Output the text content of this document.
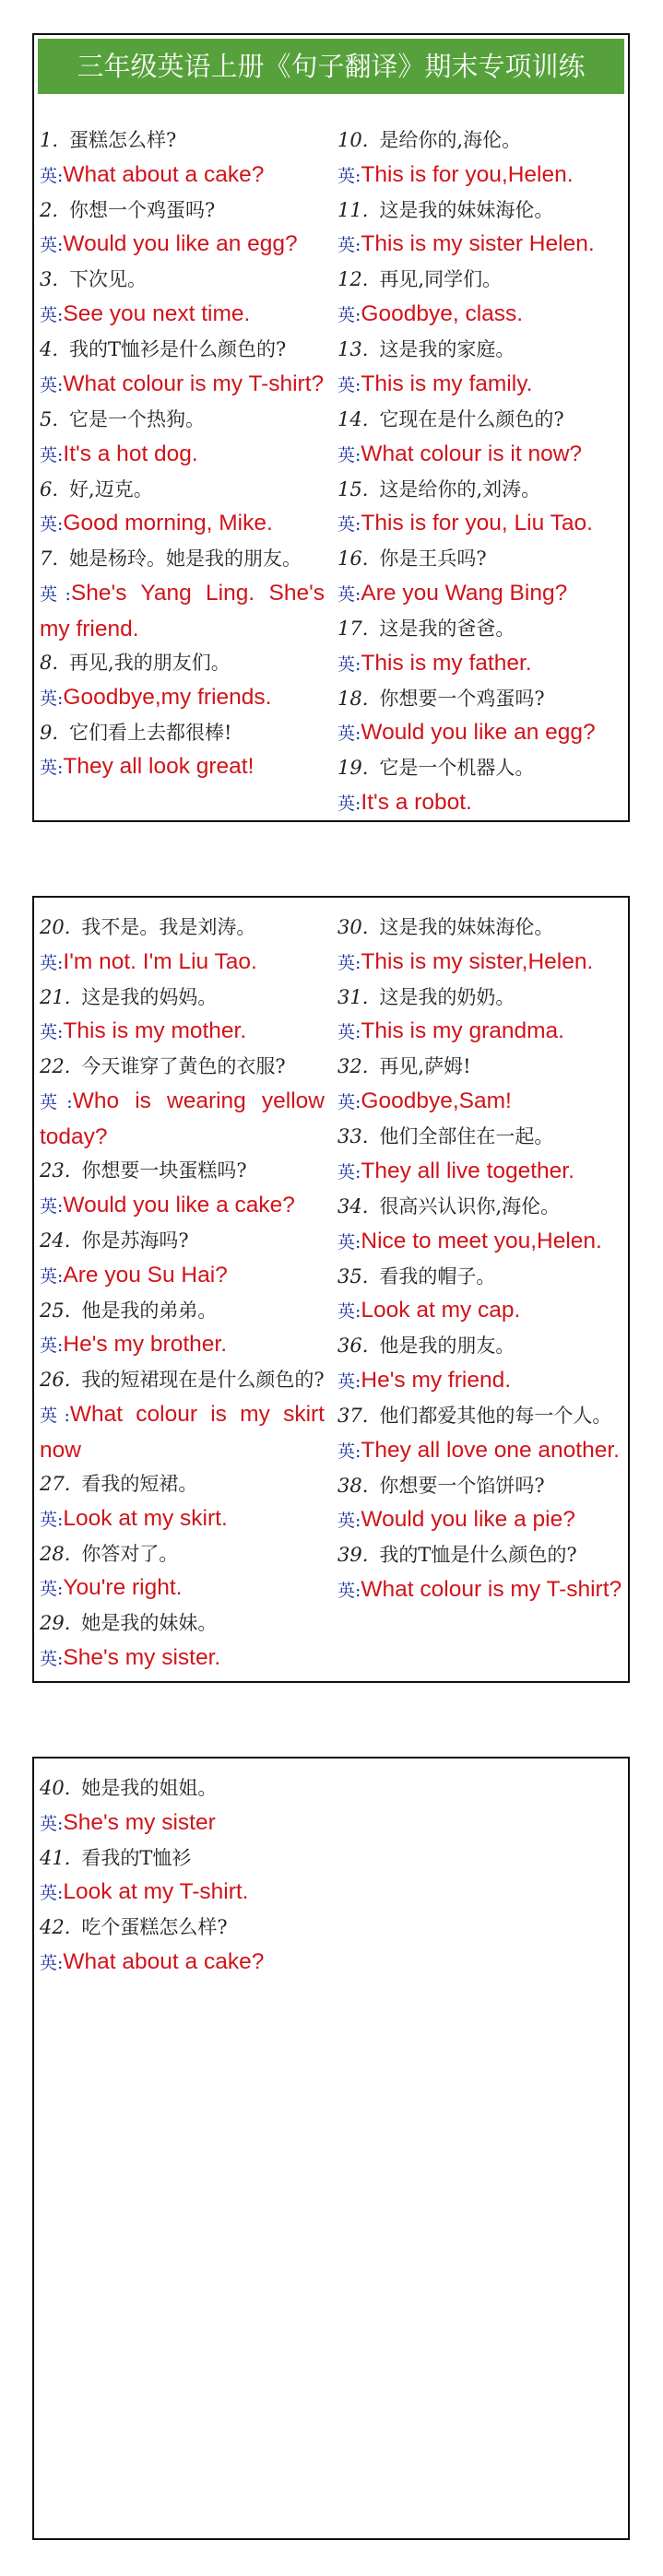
三年级英语上册《句子翻译》期末专项训练
1. 蛋糕怎么样?
英:What about a cake?
2. 你想一个鸡蛋吗?
英:Would you like an egg?
3. 下次见。
英:See you next time.
4. 我的T恤衫是什么颜色的?
英:What colour is my T-shirt?
5. 它是一个热狗。
英:It's a hot dog.
6. 好,迈克。
英:Good morning, Mike.
7. 她是杨玲。她是我的朋友。
英:She's Yang Ling. She's my friend.
8. 再见,我的朋友们。
英:Goodbye,my friends.
9. 它们看上去都很棒!
英:They all look great!
10. 是给你的,海伦。
英:This is for you,Helen.
11. 这是我的妹妹海伦。
英:This is my sister Helen.
12. 再见,同学们。
英:Goodbye, class.
13. 这是我的家庭。
英:This is my family.
14. 它现在是什么颜色的?
英:What colour is it now?
15. 这是给你的,刘涛。
英:This is for you, Liu Tao.
16. 你是王兵吗?
英:Are you Wang Bing?
17. 这是我的爸爸。
英:This is my father.
18. 你想要一个鸡蛋吗?
英:Would you like an egg?
19. 它是一个机器人。
英:It's a robot.
20. 我不是。我是刘涛。
英:I'm not. I'm Liu Tao.
21. 这是我的妈妈。
英:This is my mother.
22. 今天谁穿了黄色的衣服?
英:Who is wearing yellow today?
23. 你想要一块蛋糕吗?
英:Would you like a cake?
24. 你是苏海吗?
英:Are you Su Hai?
25. 他是我的弟弟。
英:He's my brother.
26. 我的短裙现在是什么颜色的?
英:What colour is my skirt now
27. 看我的短裙。
英:Look at my skirt.
28. 你答对了。
英:You're right.
29. 她是我的妹妹。
英:She's my sister.
30. 这是我的妹妹海伦。
英:This is my sister,Helen.
31. 这是我的奶奶。
英:This is my grandma.
32. 再见,萨姆!
英:Goodbye,Sam!
33. 他们全部住在一起。
英:They all live together.
34. 很高兴认识你,海伦。
英:Nice to meet you,Helen.
35. 看我的帽子。
英:Look at my cap.
36. 他是我的朋友。
英:He's my friend.
37. 他们都爱其他的每一个人。
英:They all love one another.
38. 你想要一个馅饼吗?
英:Would you like a pie?
39. 我的T恤是什么颜色的?
英:What colour is my T-shirt?
40. 她是我的姐姐。
英:She's my sister
41. 看我的T恤衫
英:Look at my T-shirt.
42. 吃个蛋糕怎么样?
英:What about a cake?
